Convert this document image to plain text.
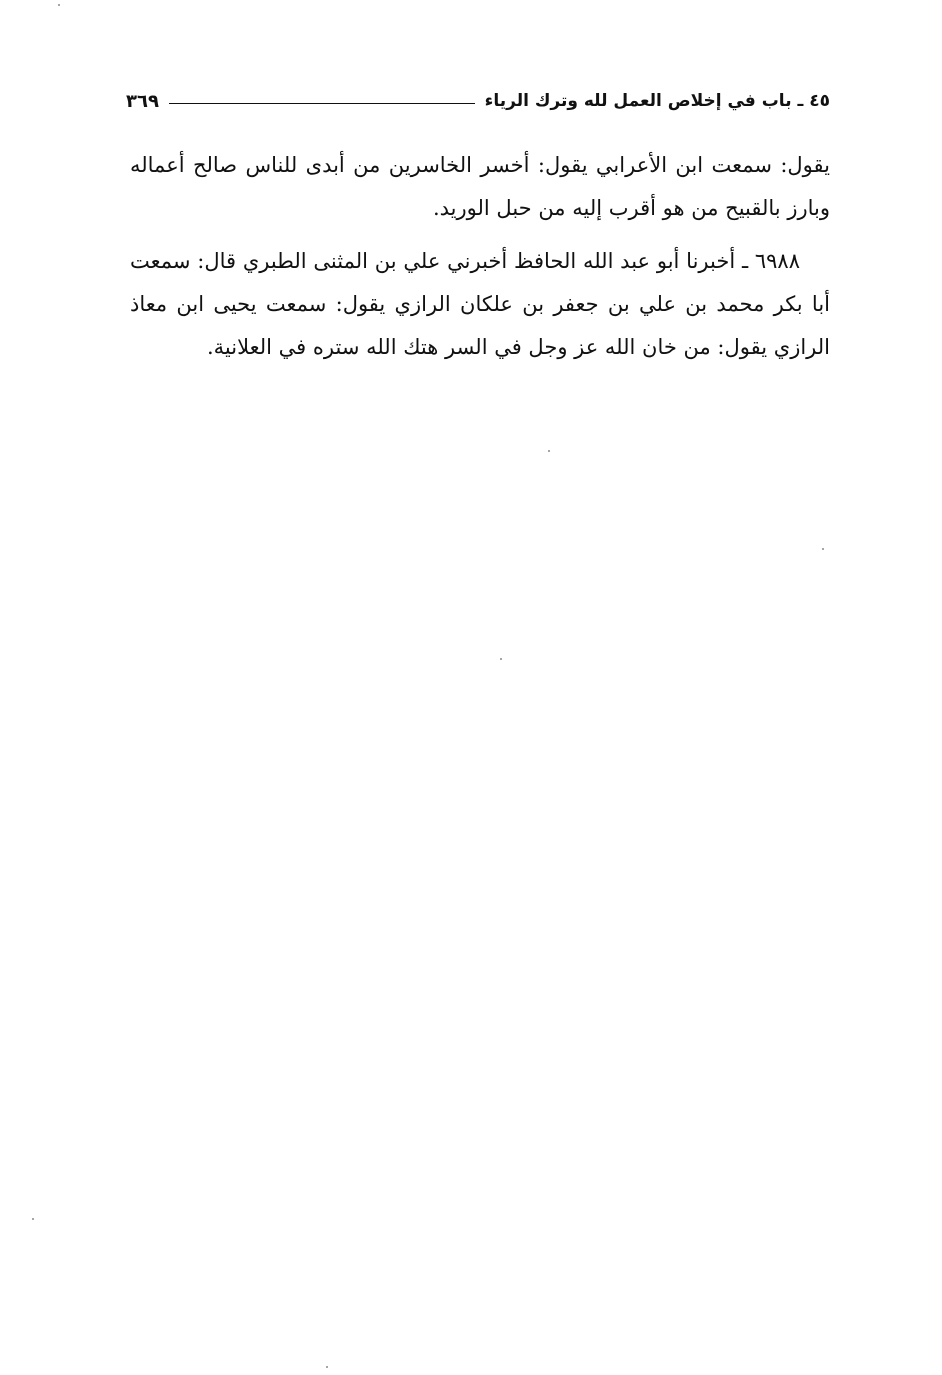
٤٥ ـ باب في إخلاص العمل لله وترك الرياء
٣٦٩

يقول: سمعت ابن الأعرابي يقول: أخسر الخاسرين من أبدى للناس صالح أعماله وبارز بالقبيح من هو أقرب إليه من حبل الوريد.

٦٩٨٨ ـ أخبرنا أبو عبد الله الحافظ أخبرني علي بن المثنى الطبري قال: سمعت أبا بكر محمد بن علي بن جعفر بن علكان الرازي يقول: سمعت يحيى ابن معاذ الرازي يقول: من خان الله عز وجل في السر هتك الله ستره في العلانية.
